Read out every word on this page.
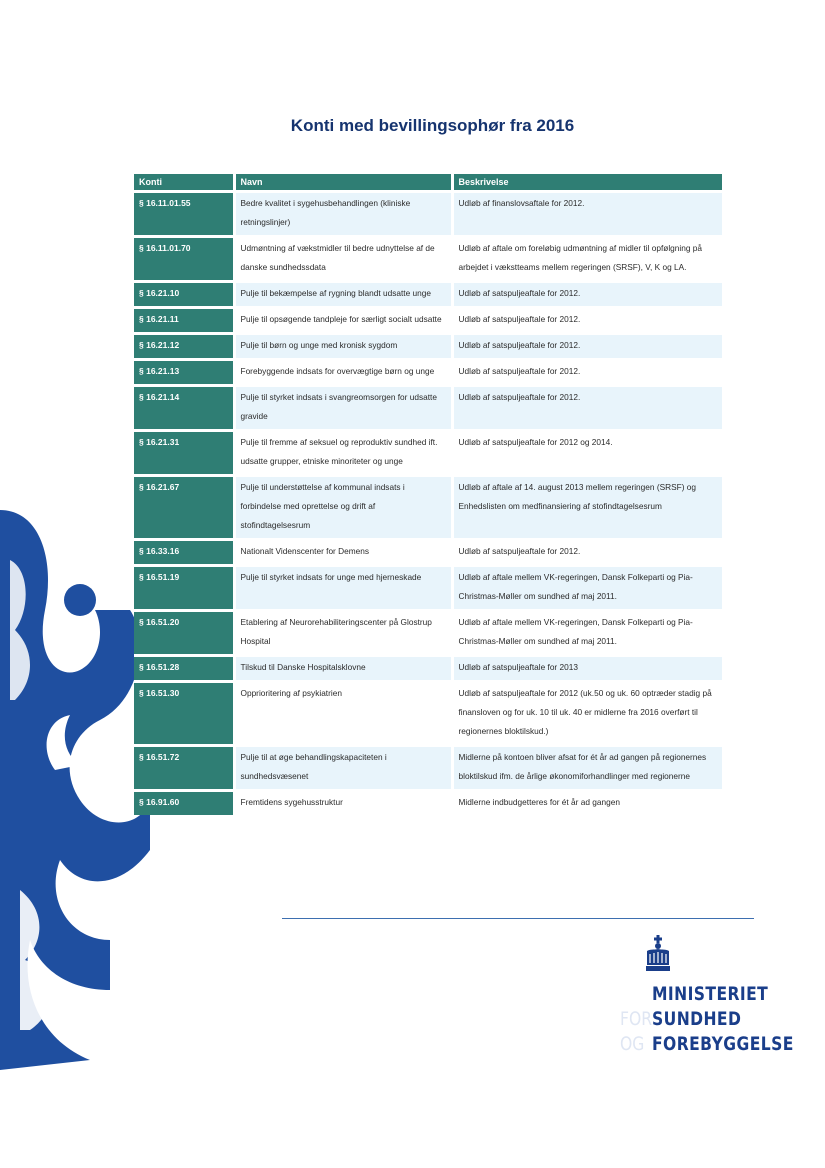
Konti med bevillingsophør fra 2016
Konti	Navn	Beskrivelse
§ 16.11.01.55	Bedre kvalitet i sygehusbehandlingen (kliniske retningslinjer)	Udløb af finanslovsaftale for 2012.
§ 16.11.01.70	Udmøntning af vækstmidler til bedre udnyttelse af de danske sundhedssdata	Udløb af aftale om foreløbig udmøntning af midler til opfølgning på arbejdet i vækstteams mellem regeringen (SRSF), V, K og LA.
§ 16.21.10	Pulje til bekæmpelse af rygning blandt udsatte unge	Udløb af satspuljeaftale for 2012.
§ 16.21.11	Pulje til opsøgende tandpleje for særligt socialt udsatte	Udløb af satspuljeaftale for 2012.
§ 16.21.12	Pulje til børn og unge med kronisk sygdom	Udløb af satspuljeaftale for 2012.
§ 16.21.13	Forebyggende indsats for overvægtige børn og unge	Udløb af satspuljeaftale for 2012.
§ 16.21.14	Pulje til styrket indsats i svangreomsorgen for udsatte gravide	Udløb af satspuljeaftale for 2012.
§ 16.21.31	Pulje til fremme af seksuel og reproduktiv sundhed ift. udsatte grupper, etniske minoriteter og unge	Udløb af satspuljeaftale for 2012 og 2014.
§ 16.21.67	Pulje til understøttelse af kommunal indsats i forbindelse med oprettelse og drift af stofindtagelsesrum	Udløb af aftale af 14. august 2013 mellem regeringen (SRSF) og Enhedslisten om medfinansiering af stofindtagelsesrum
§ 16.33.16	Nationalt Videnscenter for Demens	Udløb af satspuljeaftale for 2012.
§ 16.51.19	Pulje til styrket indsats for unge med hjerneskade	Udløb af aftale mellem VK-regeringen, Dansk Folkeparti og Pia-Christmas-Møller om sundhed af maj 2011.
§ 16.51.20	Etablering af Neurorehabiliteringscenter på Glostrup Hospital	Udløb af aftale mellem VK-regeringen, Dansk Folkeparti og Pia-Christmas-Møller om sundhed af maj 2011.
§ 16.51.28	Tilskud til Danske Hospitalsklovne	Udløb af satspuljeaftale for 2013
§ 16.51.30	Opprioritering af psykiatrien	Udløb af satspuljeaftale for 2012 (uk.50 og uk. 60 optræder stadig på finansloven og for uk. 10 til uk. 40 er midlerne fra 2016 overført til regionernes bloktilskud.)
§ 16.51.72	Pulje til at øge behandlingskapaciteten i sundhedsvæsenet	Midlerne på kontoen bliver afsat for ét år ad gangen på regionernes bloktilskud ifm. de årlige økonomiforhandlinger med regionerne
§ 16.91.60	Fremtidens sygehusstruktur	Midlerne indbudgetteres for ét år ad gangen
MINISTERIET
FOR SUNDHED
OG FOREBYGGELSE
